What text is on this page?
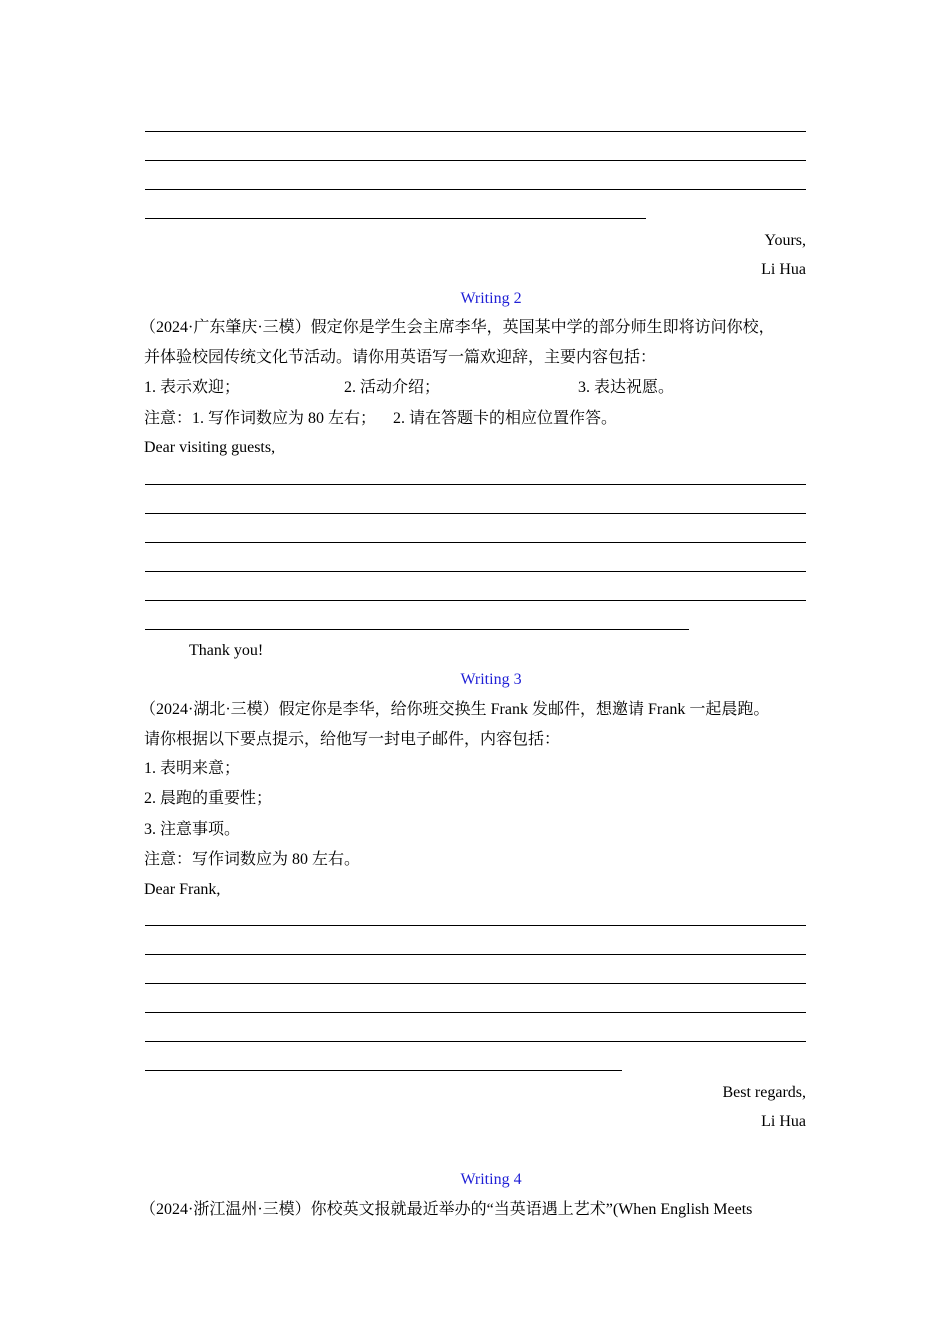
Yours,
Li Hua
Writing 2
（2024·广东肇庆·三模）假定你是学生会主席李华，英国某中学的部分师生即将访问你校，
并体验校园传统文化节活动。请你用英语写一篇欢迎辞，主要内容包括：
1. 表示欢迎；	2. 活动介绍；	3. 表达祝愿。
注意：1. 写作词数应为 80 左右； 2. 请在答题卡的相应位置作答。
Dear visiting guests,
Thank you!
Writing 3
（2024·湖北·三模）假定你是李华，给你班交换生 Frank 发邮件，想邀请 Frank 一起晨跑。
请你根据以下要点提示，给他写一封电子邮件，内容包括：
1. 表明来意；
2. 晨跑的重要性；
3. 注意事项。
注意：写作词数应为 80 左右。
Dear Frank,
Best regards,
Li Hua
Writing 4
（2024·浙江温州·三模）你校英文报就最近举办的“当英语遇上艺术”(When English Meets
